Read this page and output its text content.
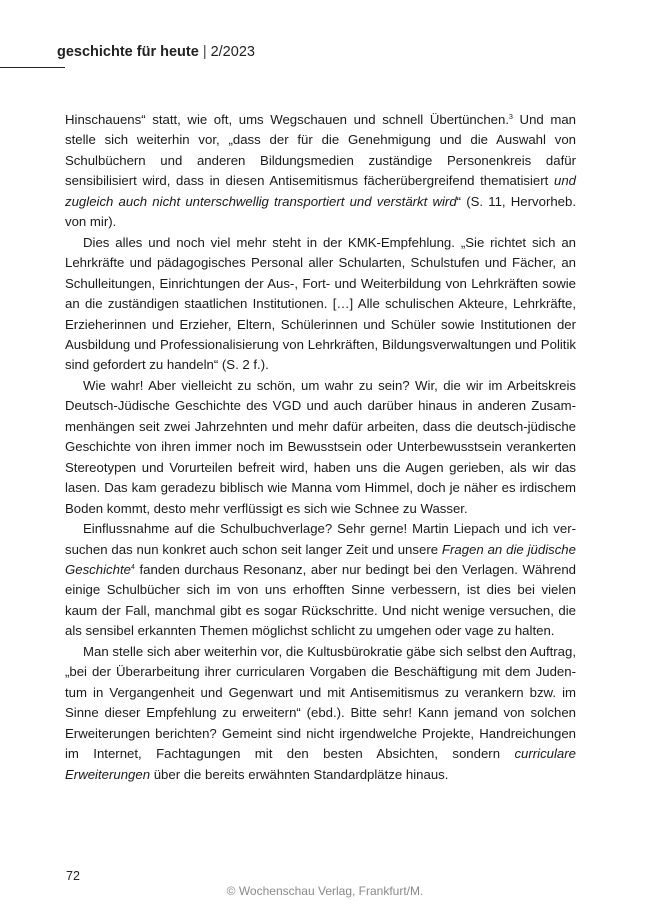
geschichte für heute | 2/2023

Hinschauens“ statt, wie oft, ums Wegschauen und schnell Übertünchen.$^3$ Und man stelle sich weiterhin vor, „dass der für die Genehmigung und die Auswahl von Schulbüchern und anderen Bildungsmedien zuständige Personenkreis dafür sensibilisiert wird, dass in diesen Antisemitismus fächerübergreifend thematisiert und zugleich auch nicht unterschwellig transportiert und verstärkt wird“ (S. 11, Hervorheb. von mir).

Dies alles und noch viel mehr steht in der KMK-Empfehlung. „Sie richtet sich an Lehrkräfte und pädagogisches Personal aller Schularten, Schulstufen und Fächer, an Schulleitungen, Einrichtungen der Aus-, Fort- und Weiterbildung von Lehrkräften sowie an die zuständigen staatlichen Institutionen. […] Alle schulischen Akteure, Lehrkräfte, Erzieherinnen und Erzieher, Eltern, Schülerinnen und Schüler sowie Institutionen der Ausbildung und Professionalisierung von Lehrkräften, Bildungsverwaltungen und Politik sind gefordert zu handeln“ (S. 2 f.).

Wie wahr! Aber vielleicht zu schön, um wahr zu sein? Wir, die wir im Arbeitskreis Deutsch-Jüdische Geschichte des VGD und auch darüber hinaus in anderen Zusammenhängen seit zwei Jahrzehnten und mehr dafür arbeiten, dass die deutsch-jüdische Geschichte von ihren immer noch im Bewusstsein oder Unterbewusstsein verankerten Stereotypen und Vorurteilen befreit wird, haben uns die Augen gerieben, als wir das lasen. Das kam geradezu biblisch wie Manna vom Himmel, doch je näher es irdischem Boden kommt, desto mehr verflüssigt es sich wie Schnee zu Wasser.

Einflussnahme auf die Schulbuchverlage? Sehr gerne! Martin Liepach und ich versuchen das nun konkret auch schon seit langer Zeit und unsere Fragen an die jüdische Geschichte$^4$ fanden durchaus Resonanz, aber nur bedingt bei den Verlagen. Während einige Schulbücher sich im von uns erhofften Sinne verbessern, ist dies bei vielen kaum der Fall, manchmal gibt es sogar Rückschritte. Und nicht wenige versuchen, die als sensibel erkannten Themen möglichst schlicht zu umgehen oder vage zu halten.

Man stelle sich aber weiterhin vor, die Kultusbürokratie gäbe sich selbst den Auftrag, „bei der Überarbeitung ihrer curricularen Vorgaben die Beschäftigung mit dem Judentum in Vergangenheit und Gegenwart und mit Antisemitismus zu verankern bzw. im Sinne dieser Empfehlung zu erweitern“ (ebd.). Bitte sehr! Kann jemand von solchen Erweiterungen berichten? Gemeint sind nicht irgendwelche Projekte, Handreichungen im Internet, Fachtagungen mit den besten Absichten, sondern curriculare Erweiterungen über die bereits erwähnten Standardplätze hinaus.

72
© Wochenschau Verlag, Frankfurt/M.
